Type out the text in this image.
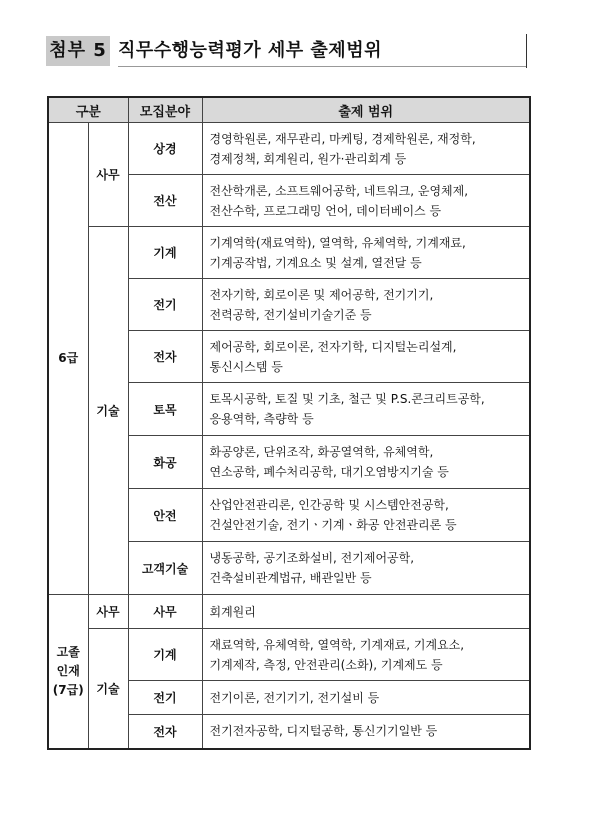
첨부 5 직무수행능력평가 세부 출제범위
구분		모집분야	출제 범위

6급	사무	상경	경영학원론, 재무관리, 마케팅, 경제학원론, 재정학,
경제정책, 회계원리, 원가·관리회계 등

		전산	전산학개론, 소프트웨어공학, 네트워크, 운영체제,
전산수학, 프로그래밍 언어, 데이터베이스 등

	기술	기계	기계역학(재료역학), 열역학, 유체역학, 기계재료,
기계공작법, 기계요소 및 설계, 열전달 등

		전기	전자기학, 회로이론 및 제어공학, 전기기기,
전력공학, 전기설비기술기준 등

		전자	제어공학, 회로이론, 전자기학, 디지털논리설계,
통신시스템 등

		토목	토목시공학, 토질 및 기초, 철근 및 P.S.콘크리트공학,
응용역학, 측량학 등

		화공	화공양론, 단위조작, 화공열역학, 유체역학,
연소공학, 폐수처리공학, 대기오염방지기술 등

		안전	산업안전관리론, 인간공학 및 시스템안전공학,
건설안전기술, 전기ㆍ기계ㆍ화공 안전관리론 등

		고객기술	냉동공학, 공기조화설비, 전기제어공학,
건축설비관계법규, 배관일반 등

고졸
인재
(7급)	사무	사무	회계원리

	기술	기계	재료역학, 유체역학, 열역학, 기계재료, 기계요소,
기계제작, 측정, 안전관리(소화), 기계제도 등

		전기	전기이론, 전기기기, 전기설비 등

		전자	전기전자공학, 디지털공학, 통신기기일반 등
